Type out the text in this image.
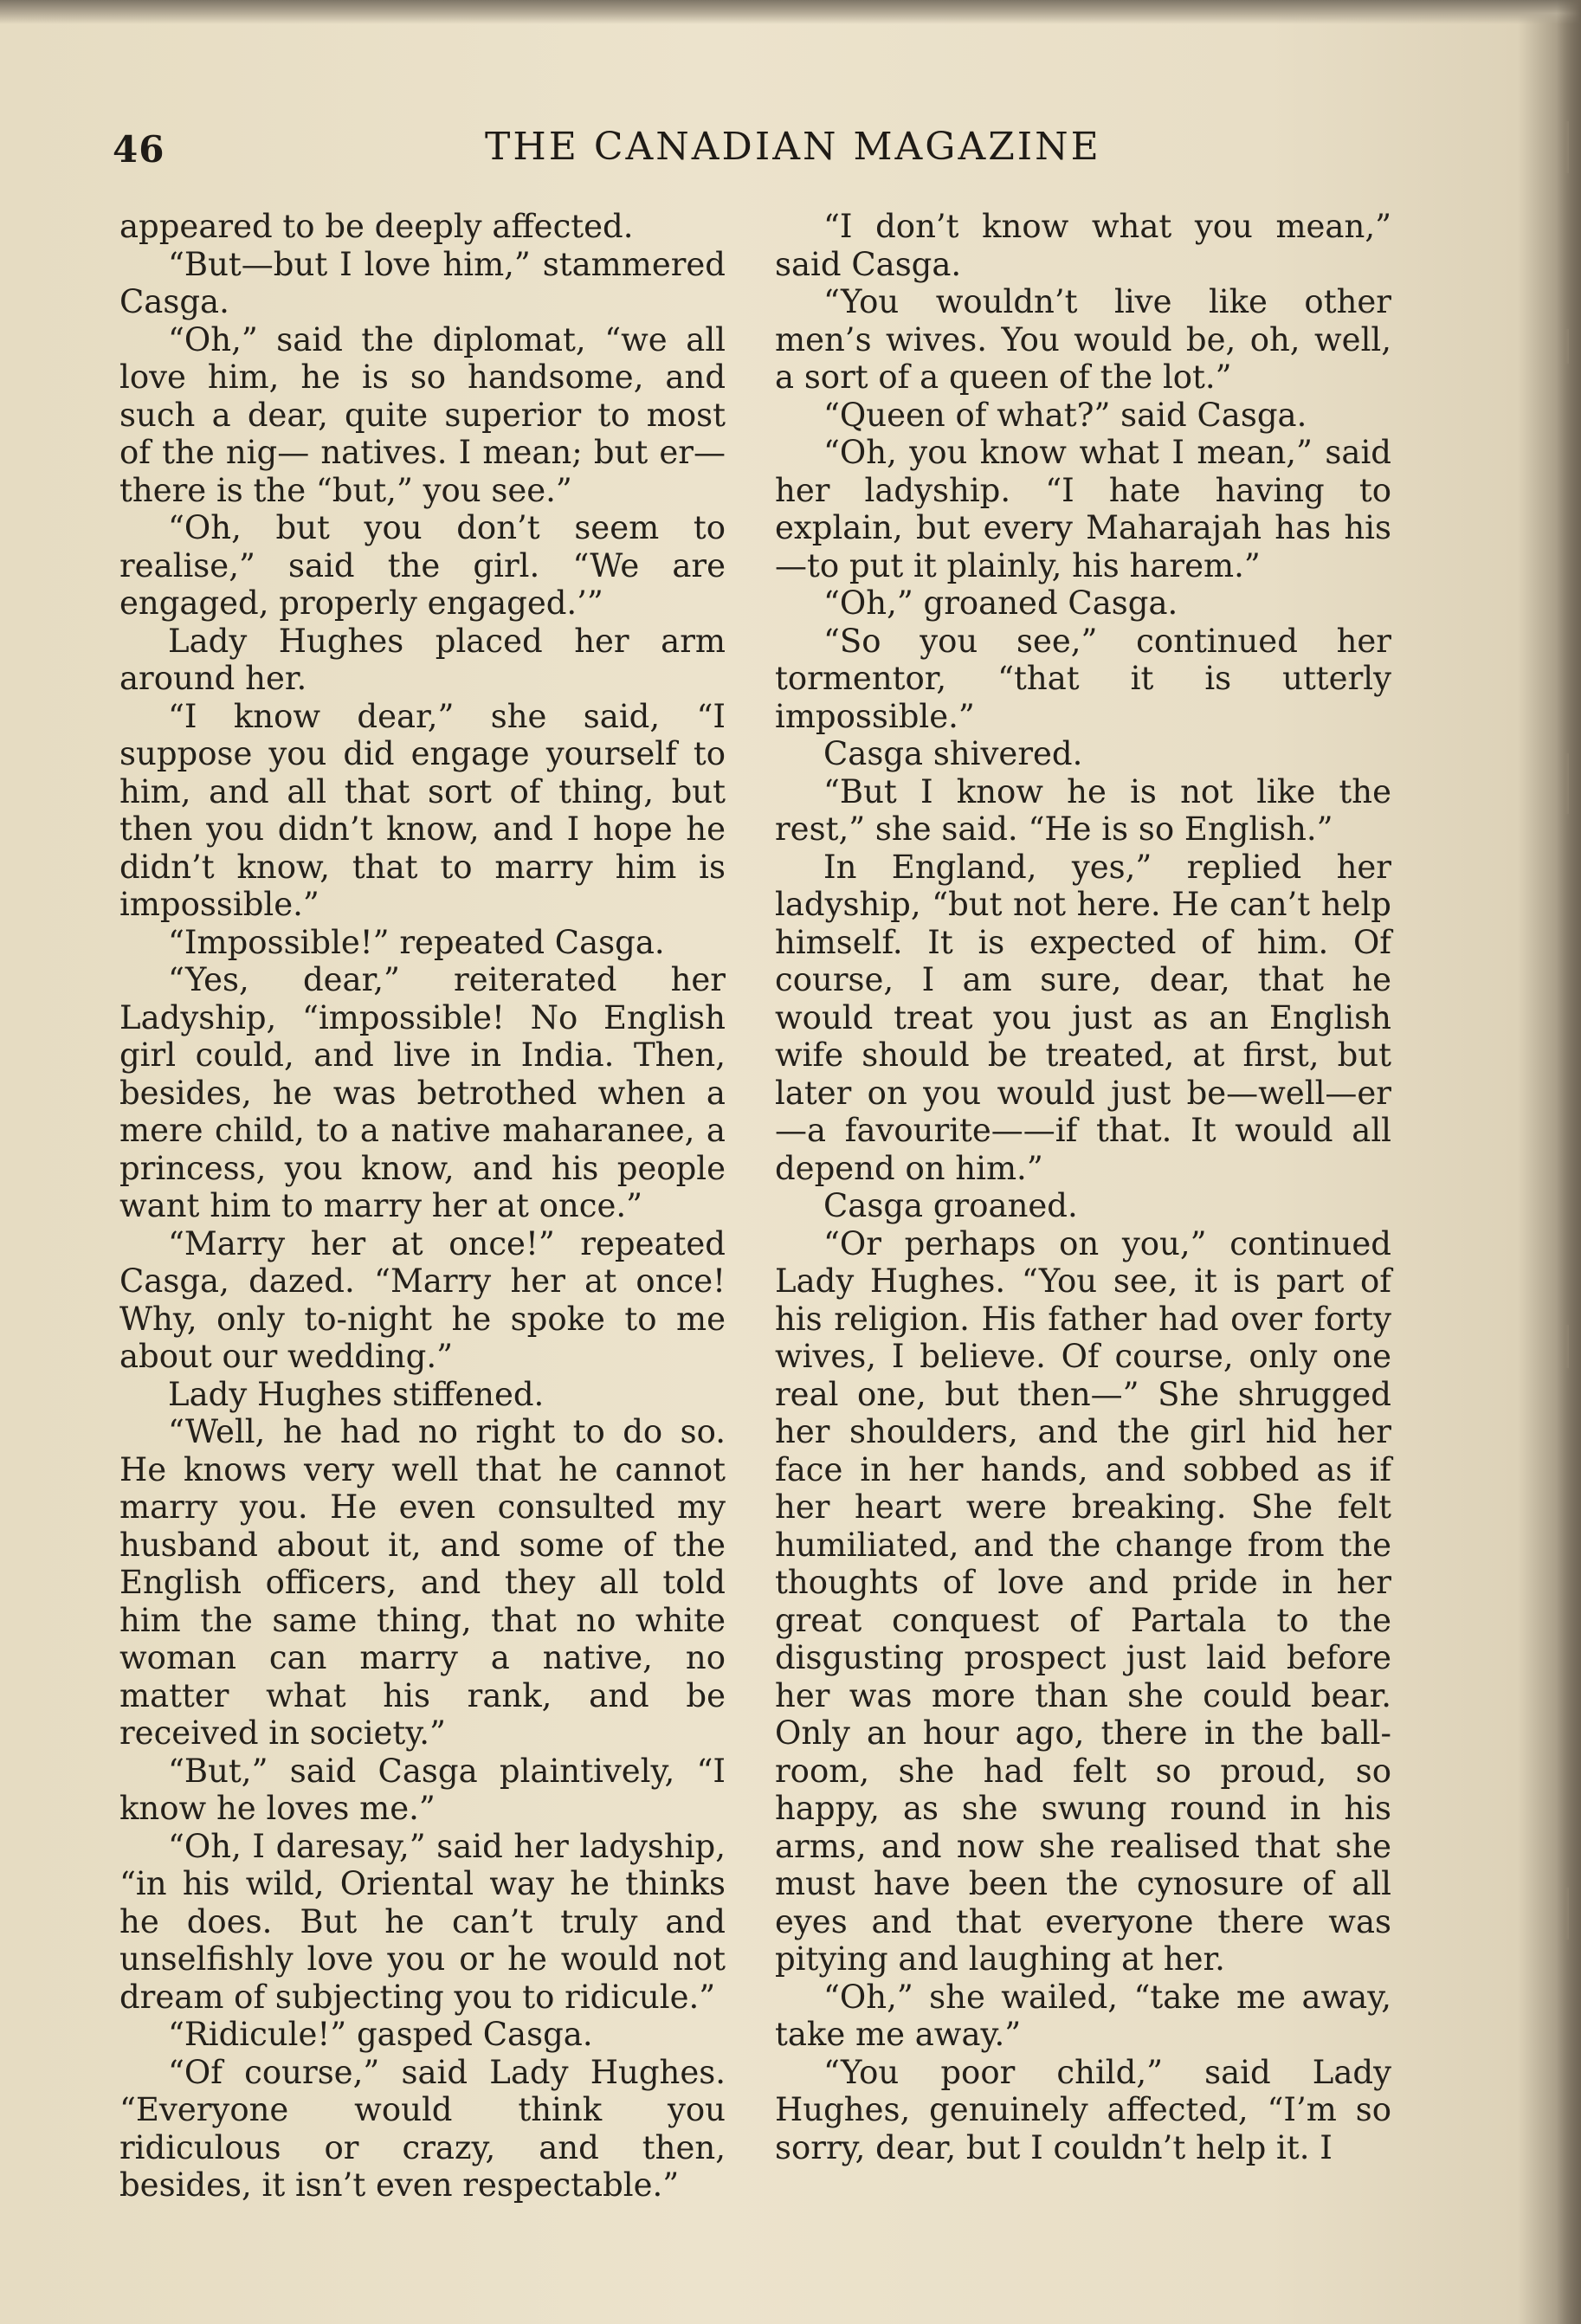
46	THE CANADIAN MAGAZINE

appeared to be deeply affected.

“But—but I love him,” stammered Casga.

“Oh,” said the diplomat, “we all love him, he is so handsome, and such a dear, quite superior to most of the nig— natives. I mean; but er—there is the “but,” you see.”

“Oh, but you don’t seem to realise,” said the girl. “We are engaged, properly engaged.’”

Lady Hughes placed her arm around her.

“I know dear,” she said, “I suppose you did engage yourself to him, and all that sort of thing, but then you didn’t know, and I hope he didn’t know, that to marry him is impossible.”

“Impossible!” repeated Casga.

“Yes, dear,” reiterated her Ladyship, “impossible! No English girl could, and live in India. Then, besides, he was betrothed when a mere child, to a native maharanee, a princess, you know, and his people want him to marry her at once.”

“Marry her at once!” repeated Casga, dazed. “Marry her at once! Why, only to-night he spoke to me about our wedding.”

Lady Hughes stiffened.

“Well, he had no right to do so. He knows very well that he cannot marry you. He even consulted my husband about it, and some of the English officers, and they all told him the same thing, that no white woman can marry a native, no matter what his rank, and be received in society.”

“But,” said Casga plaintively, “I know he loves me.”

“Oh, I daresay,” said her ladyship, “in his wild, Oriental way he thinks he does. But he can’t truly and unselfishly love you or he would not dream of subjecting you to ridicule.”

“Ridicule!” gasped Casga.

“Of course,” said Lady Hughes. “Everyone would think you ridiculous or crazy, and then, besides, it isn’t even respectable.”

“I don’t know what you mean,” said Casga.

“You wouldn’t live like other men’s wives. You would be, oh, well, a sort of a queen of the lot.”

“Queen of what?” said Casga.

“Oh, you know what I mean,” said her ladyship. “I hate having to explain, but every Maharajah has his—to put it plainly, his harem.”

“Oh,” groaned Casga.

“So you see,” continued her tormentor, “that it is utterly impossible.”

Casga shivered.

“But I know he is not like the rest,” she said. “He is so English.”

In England, yes,” replied her ladyship, “but not here. He can’t help himself. It is expected of him. Of course, I am sure, dear, that he would treat you just as an English wife should be treated, at first, but later on you would just be—well—er—a favourite——if that. It would all depend on him.”

Casga groaned.

“Or perhaps on you,” continued Lady Hughes. “You see, it is part of his religion. His father had over forty wives, I believe. Of course, only one real one, but then—” She shrugged her shoulders, and the girl hid her face in her hands, and sobbed as if her heart were breaking. She felt humiliated, and the change from the thoughts of love and pride in her great conquest of Partala to the disgusting prospect just laid before her was more than she could bear. Only an hour ago, there in the ball-room, she had felt so proud, so happy, as she swung round in his arms, and now she realised that she must have been the cynosure of all eyes and that everyone there was pitying and laughing at her.

“Oh,” she wailed, “take me away, take me away.”

“You poor child,” said Lady Hughes, genuinely affected, “I’m so sorry, dear, but I couldn’t help it. I
